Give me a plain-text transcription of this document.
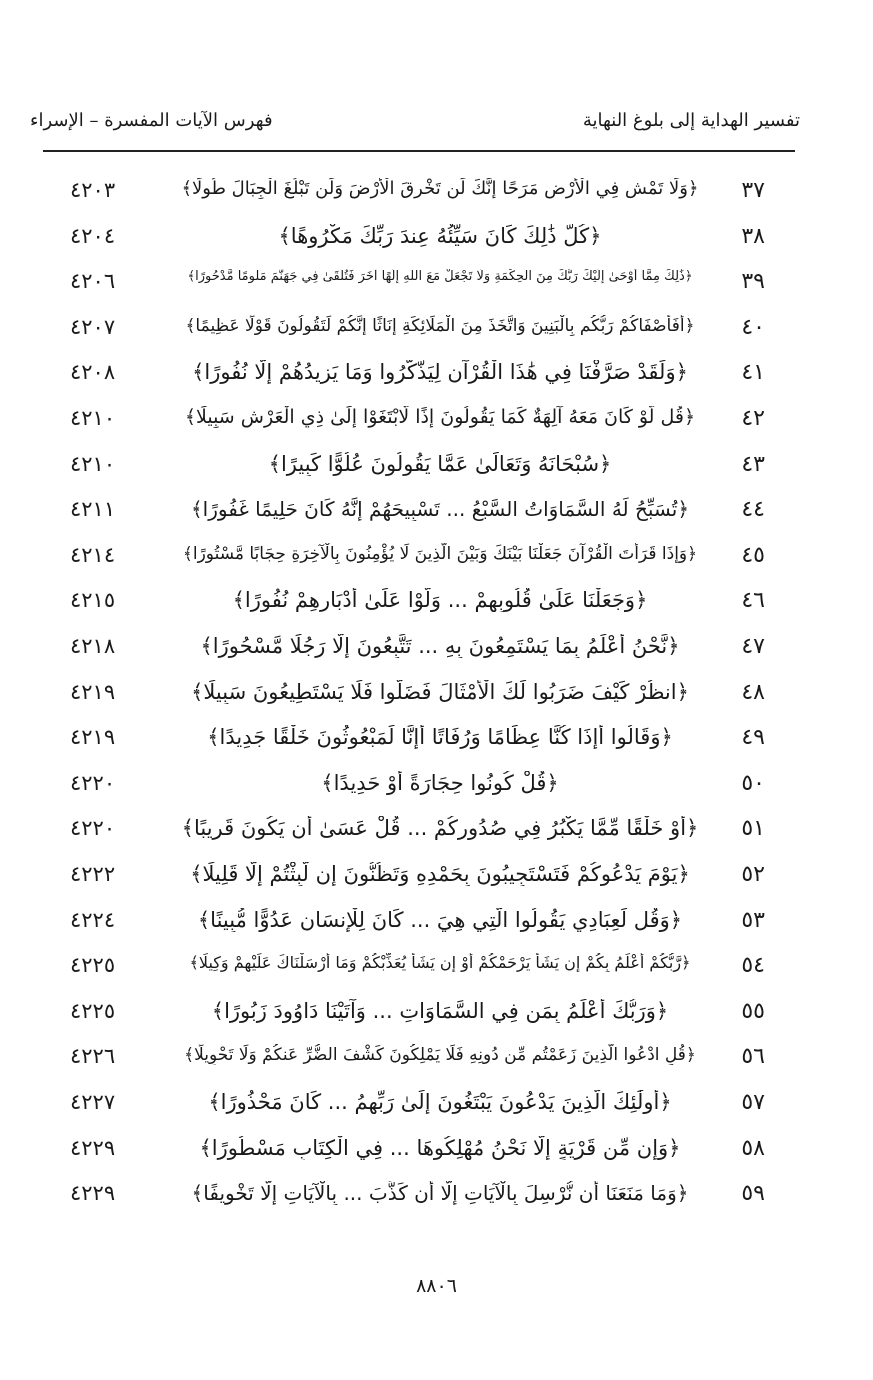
تفسير الهداية إلى بلوغ النهاية
فهرس الآيات المفسرة – الإسراء
٣٧
﴿وَلَا تَمْشِ فِي الْأَرْضِ مَرَحًا إِنَّكَ لَن تَخْرِقَ الْأَرْضَ وَلَن تَبْلُغَ الْجِبَالَ طُولًا﴾
٤٢٠٣
٣٨
﴿كُلُّ ذَٰلِكَ كَانَ سَيِّئُهُ عِندَ رَبِّكَ مَكْرُوهًا﴾
٤٢٠٤
٣٩
﴿ذَٰلِكَ مِمَّا أَوْحَىٰ إِلَيْكَ رَبُّكَ مِنَ الْحِكْمَةِ وَلَا تَجْعَلْ مَعَ اللَّهِ إِلَٰهًا آخَرَ فَتُلْقَىٰ فِي جَهَنَّمَ مَلُومًا مَّدْحُورًا﴾
٤٢٠٦
٤٠
﴿أَفَأَصْفَاكُمْ رَبُّكُم بِالْبَنِينَ وَاتَّخَذَ مِنَ الْمَلَائِكَةِ إِنَاثًا إِنَّكُمْ لَتَقُولُونَ قَوْلًا عَظِيمًا﴾
٤٢٠٧
٤١
﴿وَلَقَدْ صَرَّفْنَا فِي هَٰذَا الْقُرْآنِ لِيَذَّكَّرُوا وَمَا يَزِيدُهُمْ إِلَّا نُفُورًا﴾
٤٢٠٨
٤٢
﴿قُل لَّوْ كَانَ مَعَهُ آلِهَةٌ كَمَا يَقُولُونَ إِذًا لَّابْتَغَوْا إِلَىٰ ذِي الْعَرْشِ سَبِيلًا﴾
٤٢١٠
٤٣
﴿سُبْحَانَهُ وَتَعَالَىٰ عَمَّا يَقُولُونَ عُلُوًّا كَبِيرًا﴾
٤٢١٠
٤٤
﴿تُسَبِّحُ لَهُ السَّمَاوَاتُ السَّبْعُ ... تَسْبِيحَهُمْ إِنَّهُ كَانَ حَلِيمًا غَفُورًا﴾
٤٢١١
٤٥
﴿وَإِذَا قَرَأْتَ الْقُرْآنَ جَعَلْنَا بَيْنَكَ وَبَيْنَ الَّذِينَ لَا يُؤْمِنُونَ بِالْآخِرَةِ حِجَابًا مَّسْتُورًا﴾
٤٢١٤
٤٦
﴿وَجَعَلْنَا عَلَىٰ قُلُوبِهِمْ ... وَلَّوْا عَلَىٰ أَدْبَارِهِمْ نُفُورًا﴾
٤٢١٥
٤٧
﴿نَّحْنُ أَعْلَمُ بِمَا يَسْتَمِعُونَ بِهِ ... تَتَّبِعُونَ إِلَّا رَجُلًا مَّسْحُورًا﴾
٤٢١٨
٤٨
﴿انظُرْ كَيْفَ ضَرَبُوا لَكَ الْأَمْثَالَ فَضَلُّوا فَلَا يَسْتَطِيعُونَ سَبِيلًا﴾
٤٢١٩
٤٩
﴿وَقَالُوا أَإِذَا كُنَّا عِظَامًا وَرُفَاتًا أَإِنَّا لَمَبْعُوثُونَ خَلْقًا جَدِيدًا﴾
٤٢١٩
٥٠
﴿قُلْ كُونُوا حِجَارَةً أَوْ حَدِيدًا﴾
٤٢٢٠
٥١
﴿أَوْ خَلْقًا مِّمَّا يَكْبُرُ فِي صُدُورِكُمْ ... قُلْ عَسَىٰ أَن يَكُونَ قَرِيبًا﴾
٤٢٢٠
٥٢
﴿يَوْمَ يَدْعُوكُمْ فَتَسْتَجِيبُونَ بِحَمْدِهِ وَتَظُنُّونَ إِن لَّبِثْتُمْ إِلَّا قَلِيلًا﴾
٤٢٢٢
٥٣
﴿وَقُل لِّعِبَادِي يَقُولُوا الَّتِي هِيَ ... كَانَ لِلْإِنسَانِ عَدُوًّا مُّبِينًا﴾
٤٢٢٤
٥٤
﴿رَّبُّكُمْ أَعْلَمُ بِكُمْ إِن يَشَأْ يَرْحَمْكُمْ أَوْ إِن يَشَأْ يُعَذِّبْكُمْ وَمَا أَرْسَلْنَاكَ عَلَيْهِمْ وَكِيلًا﴾
٤٢٢٥
٥٥
﴿وَرَبُّكَ أَعْلَمُ بِمَن فِي السَّمَاوَاتِ ... وَآتَيْنَا دَاوُودَ زَبُورًا﴾
٤٢٢٥
٥٦
﴿قُلِ ادْعُوا الَّذِينَ زَعَمْتُم مِّن دُونِهِ فَلَا يَمْلِكُونَ كَشْفَ الضُّرِّ عَنكُمْ وَلَا تَحْوِيلًا﴾
٤٢٢٦
٥٧
﴿أُولَٰئِكَ الَّذِينَ يَدْعُونَ يَبْتَغُونَ إِلَىٰ رَبِّهِمُ ... كَانَ مَحْذُورًا﴾
٤٢٢٧
٥٨
﴿وَإِن مِّن قَرْيَةٍ إِلَّا نَحْنُ مُهْلِكُوهَا ... فِي الْكِتَابِ مَسْطُورًا﴾
٤٢٢٩
٥٩
﴿وَمَا مَنَعَنَا أَن نُّرْسِلَ بِالْآيَاتِ إِلَّا أَن كَذَّبَ ... بِالْآيَاتِ إِلَّا تَخْوِيفًا﴾
٤٢٢٩
٨٨٠٦
